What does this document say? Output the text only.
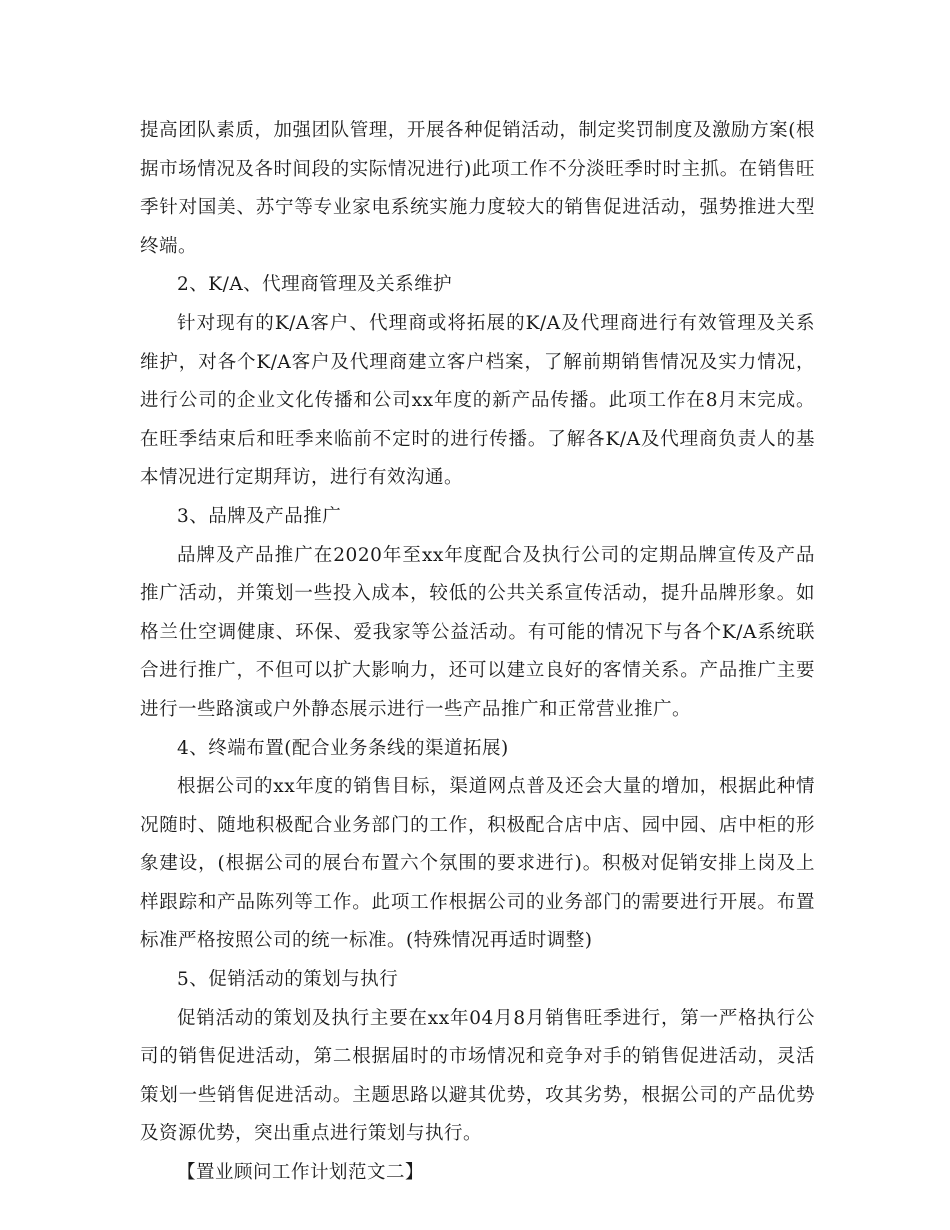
提高团队素质，加强团队管理，开展各种促销活动，制定奖罚制度及激励方案(根据市场情况及各时间段的实际情况进行)此项工作不分淡旺季时时主抓。在销售旺季针对国美、苏宁等专业家电系统实施力度较大的销售促进活动，强势推进大型终端。

2、K/A、代理商管理及关系维护

针对现有的K/A客户、代理商或将拓展的K/A及代理商进行有效管理及关系维护，对各个K/A客户及代理商建立客户档案，了解前期销售情况及实力情况，进行公司的企业文化传播和公司xx年度的新产品传播。此项工作在8月末完成。在旺季结束后和旺季来临前不定时的进行传播。了解各K/A及代理商负责人的基本情况进行定期拜访，进行有效沟通。

3、品牌及产品推广

品牌及产品推广在2020年至xx年度配合及执行公司的定期品牌宣传及产品推广活动，并策划一些投入成本，较低的公共关系宣传活动，提升品牌形象。如格兰仕空调健康、环保、爱我家等公益活动。有可能的情况下与各个K/A系统联合进行推广，不但可以扩大影响力，还可以建立良好的客情关系。产品推广主要进行一些路演或户外静态展示进行一些产品推广和正常营业推广。

4、终端布置(配合业务条线的渠道拓展)

根据公司的xx年度的销售目标，渠道网点普及还会大量的增加，根据此种情况随时、随地积极配合业务部门的工作，积极配合店中店、园中园、店中柜的形象建设，(根据公司的展台布置六个氛围的要求进行)。积极对促销安排上岗及上样跟踪和产品陈列等工作。此项工作根据公司的业务部门的需要进行开展。布置标准严格按照公司的统一标准。(特殊情况再适时调整)

5、促销活动的策划与执行

促销活动的策划及执行主要在xx年04月8月销售旺季进行，第一严格执行公司的销售促进活动，第二根据届时的市场情况和竞争对手的销售促进活动，灵活策划一些销售促进活动。主题思路以避其优势，攻其劣势，根据公司的产品优势及资源优势，突出重点进行策划与执行。

【置业顾问工作计划范文二】
